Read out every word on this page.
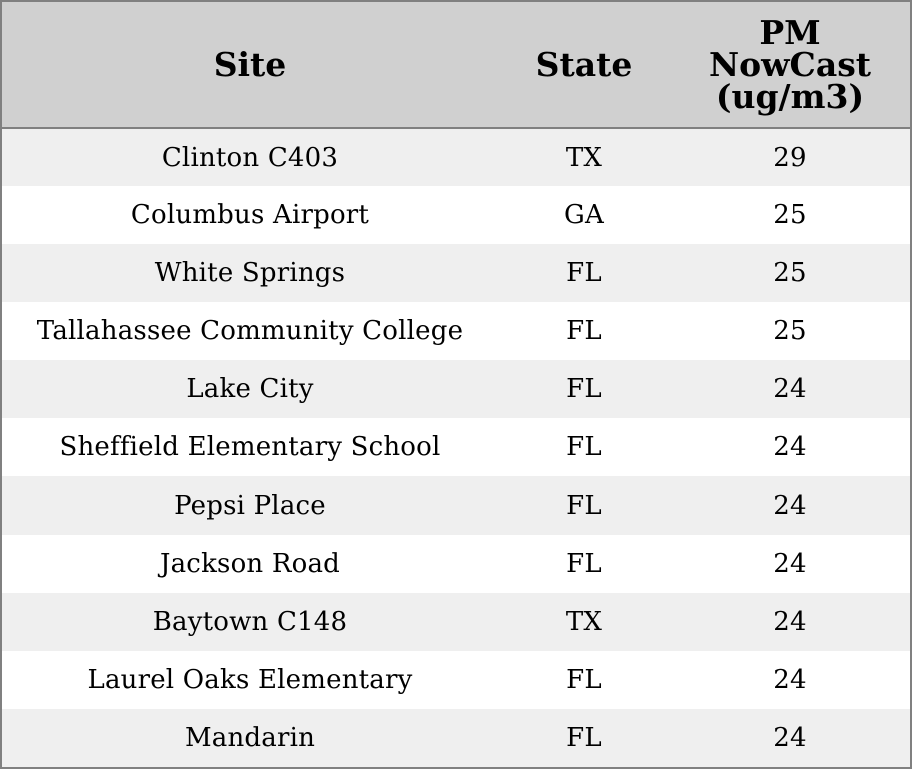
Site	State	PM
NowCast
(ug/m3)
Clinton C403	TX	29
Columbus Airport	GA	25
White Springs	FL	25
Tallahassee Community College	FL	25
Lake City	FL	24
Sheffield Elementary School	FL	24
Pepsi Place	FL	24
Jackson Road	FL	24
Baytown C148	TX	24
Laurel Oaks Elementary	FL	24
Mandarin	FL	24
